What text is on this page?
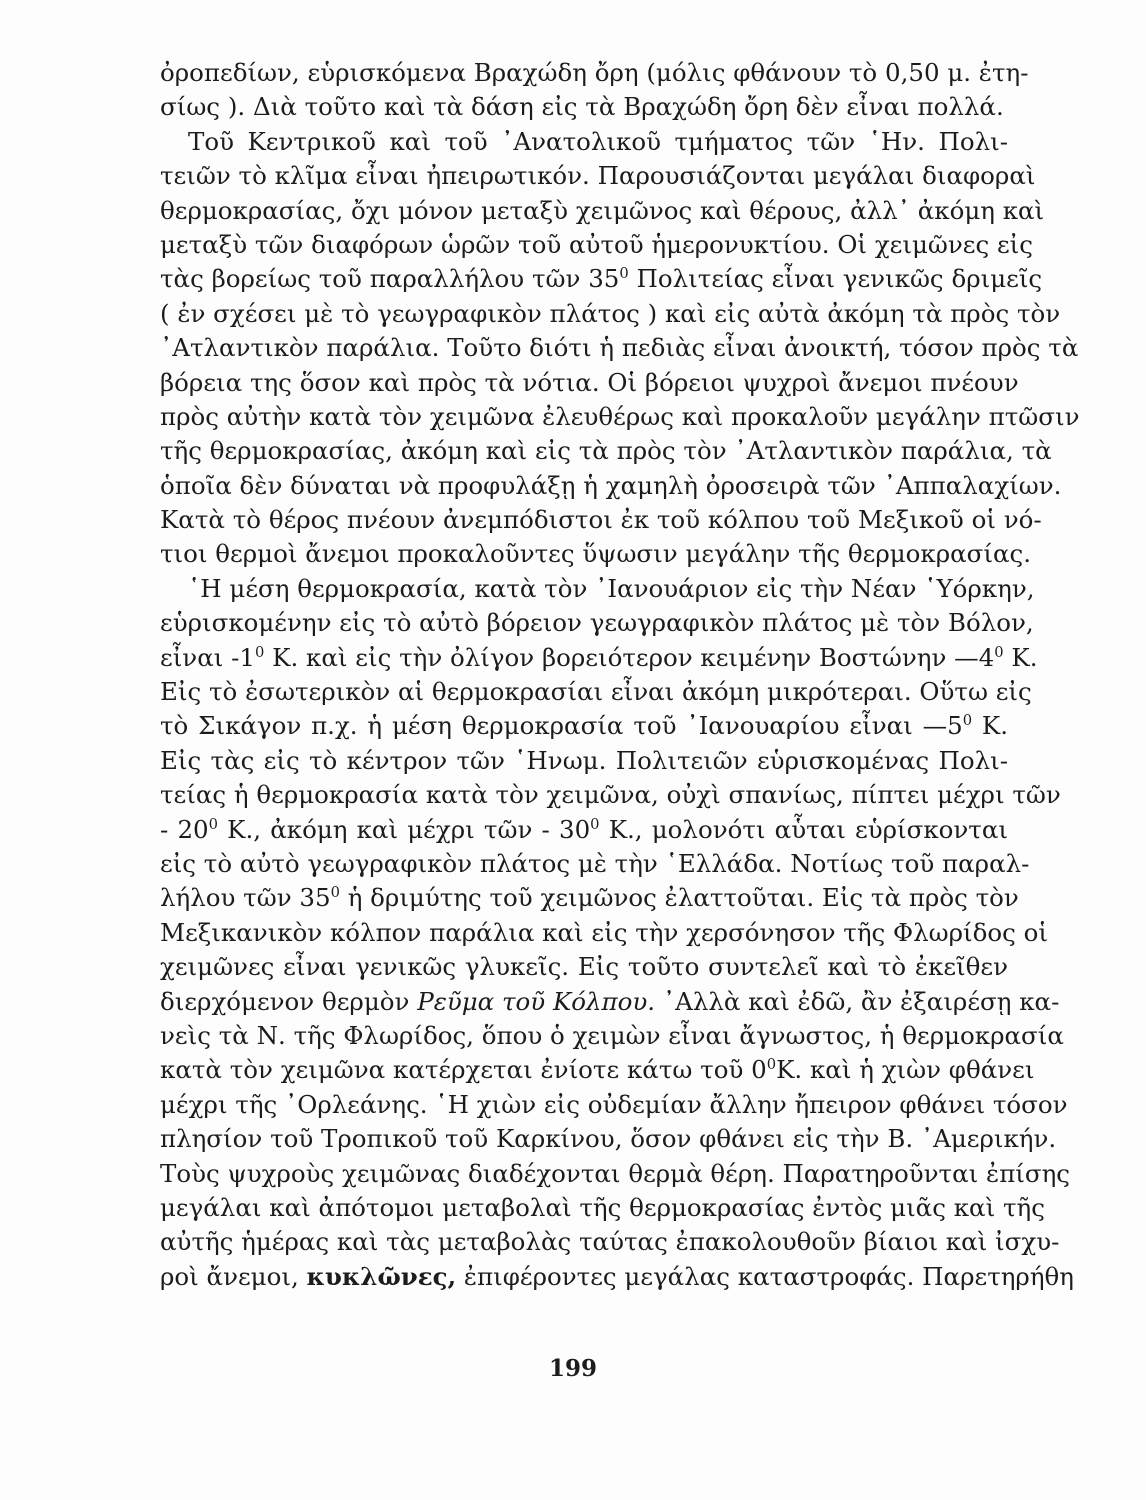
ὀροπεδίων, εὑρισκόμενα Βραχώδη ὄρη (μόλις φθάνουν τὸ 0,50 μ. ἐτη-
σίως ). Διὰ τοῦτο καὶ τὰ δάση εἰς τὰ Βραχώδη ὄρη δὲν εἶναι πολλά.
Τοῦ Κεντρικοῦ καὶ τοῦ ᾿Ανατολικοῦ τμήματος τῶν ῾Ην. Πολι-
τειῶν τὸ κλῖμα εἶναι ἠπειρωτικόν. Παρουσιάζονται μεγάλαι διαφοραὶ
θερμοκρασίας, ὄχι μόνον μεταξὺ χειμῶνος καὶ θέρους, ἀλλ᾿ ἀκόμη καὶ
μεταξὺ τῶν διαφόρων ὡρῶν τοῦ αὐτοῦ ἡμερονυκτίου. Οἱ χειμῶνες εἰς
τὰς βορείως τοῦ παραλλήλου τῶν $35^0$ Πολιτείας εἶναι γενικῶς δριμεῖς
( ἐν σχέσει μὲ τὸ γεωγραφικὸν πλάτος ) καὶ εἰς αὐτὰ ἀκόμη τὰ πρὸς τὸν
᾿Ατλαντικὸν παράλια. Τοῦτο διότι ἡ πεδιὰς εἶναι ἀνοικτή, τόσον πρὸς τὰ
βόρεια της ὅσον καὶ πρὸς τὰ νότια. Οἱ βόρειοι ψυχροὶ ἄνεμοι πνέουν
πρὸς αὐτὴν κατὰ τὸν χειμῶνα ἐλευθέρως καὶ προκαλοῦν μεγάλην πτῶσιν
τῆς θερμοκρασίας, ἀκόμη καὶ εἰς τὰ πρὸς τὸν ᾿Ατλαντικὸν παράλια, τὰ
ὁποῖα δὲν δύναται νὰ προφυλάξῃ ἡ χαμηλὴ ὀροσειρὰ τῶν ᾿Αππαλαχίων.
Κατὰ τὸ θέρος πνέουν ἀνεμπόδιστοι ἐκ τοῦ κόλπου τοῦ Μεξικοῦ οἱ νό-
τιοι θερμοὶ ἄνεμοι προκαλοῦντες ὕψωσιν μεγάλην τῆς θερμοκρασίας.
῾Η μέση θερμοκρασία, κατὰ τὸν ᾿Ιανουάριον εἰς τὴν Νέαν ῾Υόρκην,
εὑρισκομένην εἰς τὸ αὐτὸ βόρειον γεωγραφικὸν πλάτος μὲ τὸν Βόλον,
εἶναι $-1^0$ Κ. καὶ εἰς τὴν ὀλίγον βορειότερον κειμένην Βοστώνην $—4^0$ Κ.
Εἰς τὸ ἐσωτερικὸν αἱ θερμοκρασίαι εἶναι ἀκόμη μικρότεραι. Οὕτω εἰς
τὸ Σικάγον π.χ. ἡ μέση θερμοκρασία τοῦ ᾿Ιανουαρίου εἶναι $—5^0$ Κ.
Εἰς τὰς εἰς τὸ κέντρον τῶν ῾Ηνωμ. Πολιτειῶν εὑρισκομένας Πολι-
τείας ἡ θερμοκρασία κατὰ τὸν χειμῶνα, οὐχὶ σπανίως, πίπτει μέχρι τῶν
- $20^0$ Κ., ἀκόμη καὶ μέχρι τῶν - $30^0$ Κ., μολονότι αὗται εὑρίσκονται
εἰς τὸ αὐτὸ γεωγραφικὸν πλάτος μὲ τὴν ῾Ελλάδα. Νοτίως τοῦ παραλ-
λήλου τῶν $35^0$ ἡ δριμύτης τοῦ χειμῶνος ἐλαττοῦται. Εἰς τὰ πρὸς τὸν
Μεξικανικὸν κόλπον παράλια καὶ εἰς τὴν χερσόνησον τῆς Φλωρίδος οἱ
χειμῶνες εἶναι γενικῶς γλυκεῖς. Εἰς τοῦτο συντελεῖ καὶ τὸ ἐκεῖθεν
διερχόμενον θερμὸν Ρεῦμα τοῦ Κόλπου. ᾿Αλλὰ καὶ ἐδῶ, ἂν ἐξαιρέσῃ κα-
νεὶς τὰ Ν. τῆς Φλωρίδος, ὅπου ὁ χειμὼν εἶναι ἄγνωστος, ἡ θερμοκρασία
κατὰ τὸν χειμῶνα κατέρχεται ἐνίοτε κάτω τοῦ $0^0K$. καὶ ἡ χιὼν φθάνει
μέχρι τῆς ᾿Ορλεάνης. ῾Η χιὼν εἰς οὐδεμίαν ἄλλην ἤπειρον φθάνει τόσον
πλησίον τοῦ Τροπικοῦ τοῦ Καρκίνου, ὅσον φθάνει εἰς τὴν Β. ᾿Αμερικήν.
Τοὺς ψυχροὺς χειμῶνας διαδέχονται θερμὰ θέρη. Παρατηροῦνται ἐπίσης
μεγάλαι καὶ ἀπότομοι μεταβολαὶ τῆς θερμοκρασίας ἐντὸς μιᾶς καὶ τῆς
αὐτῆς ἡμέρας καὶ τὰς μεταβολὰς ταύτας ἐπακολουθοῦν βίαιοι καὶ ἰσχυ-
ροὶ ἄνεμοι, κυκλῶνες, ἐπιφέροντες μεγάλας καταστροφάς. Παρετηρήθη
199
